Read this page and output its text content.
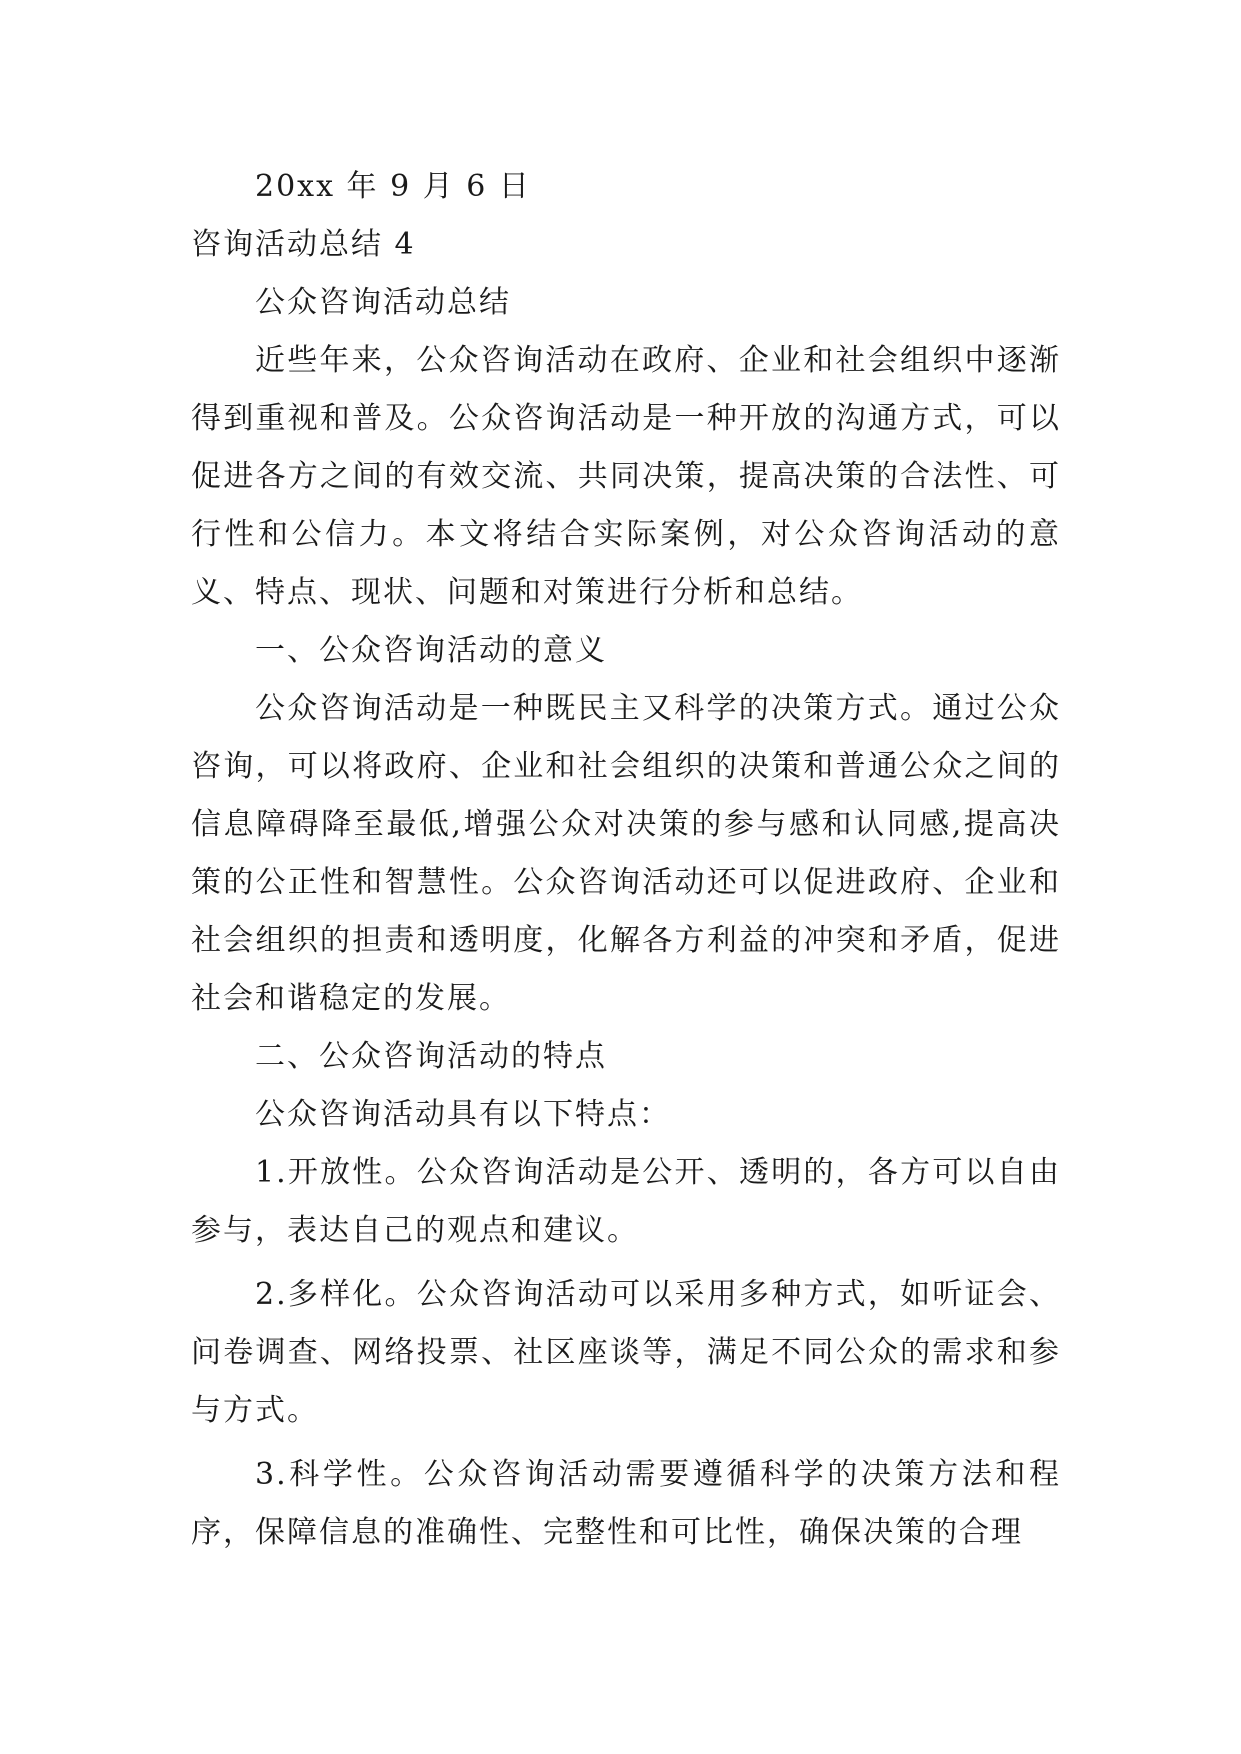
20xx 年 9 月 6 日
咨询活动总结 4
公众咨询活动总结
近些年来，公众咨询活动在政府、企业和社会组织中逐渐得到重视和普及。公众咨询活动是一种开放的沟通方式，可以促进各方之间的有效交流、共同决策，提高决策的合法性、可行性和公信力。本文将结合实际案例，对公众咨询活动的意义、特点、现状、问题和对策进行分析和总结。
一、公众咨询活动的意义
公众咨询活动是一种既民主又科学的决策方式。通过公众咨询，可以将政府、企业和社会组织的决策和普通公众之间的信息障碍降至最低,增强公众对决策的参与感和认同感,提高决策的公正性和智慧性。公众咨询活动还可以促进政府、企业和社会组织的担责和透明度，化解各方利益的冲突和矛盾，促进社会和谐稳定的发展。
二、公众咨询活动的特点
公众咨询活动具有以下特点：
1.开放性。公众咨询活动是公开、透明的，各方可以自由参与，表达自己的观点和建议。
2.多样化。公众咨询活动可以采用多种方式，如听证会、问卷调查、网络投票、社区座谈等，满足不同公众的需求和参与方式。
3.科学性。公众咨询活动需要遵循科学的决策方法和程序，保障信息的准确性、完整性和可比性，确保决策的合理
